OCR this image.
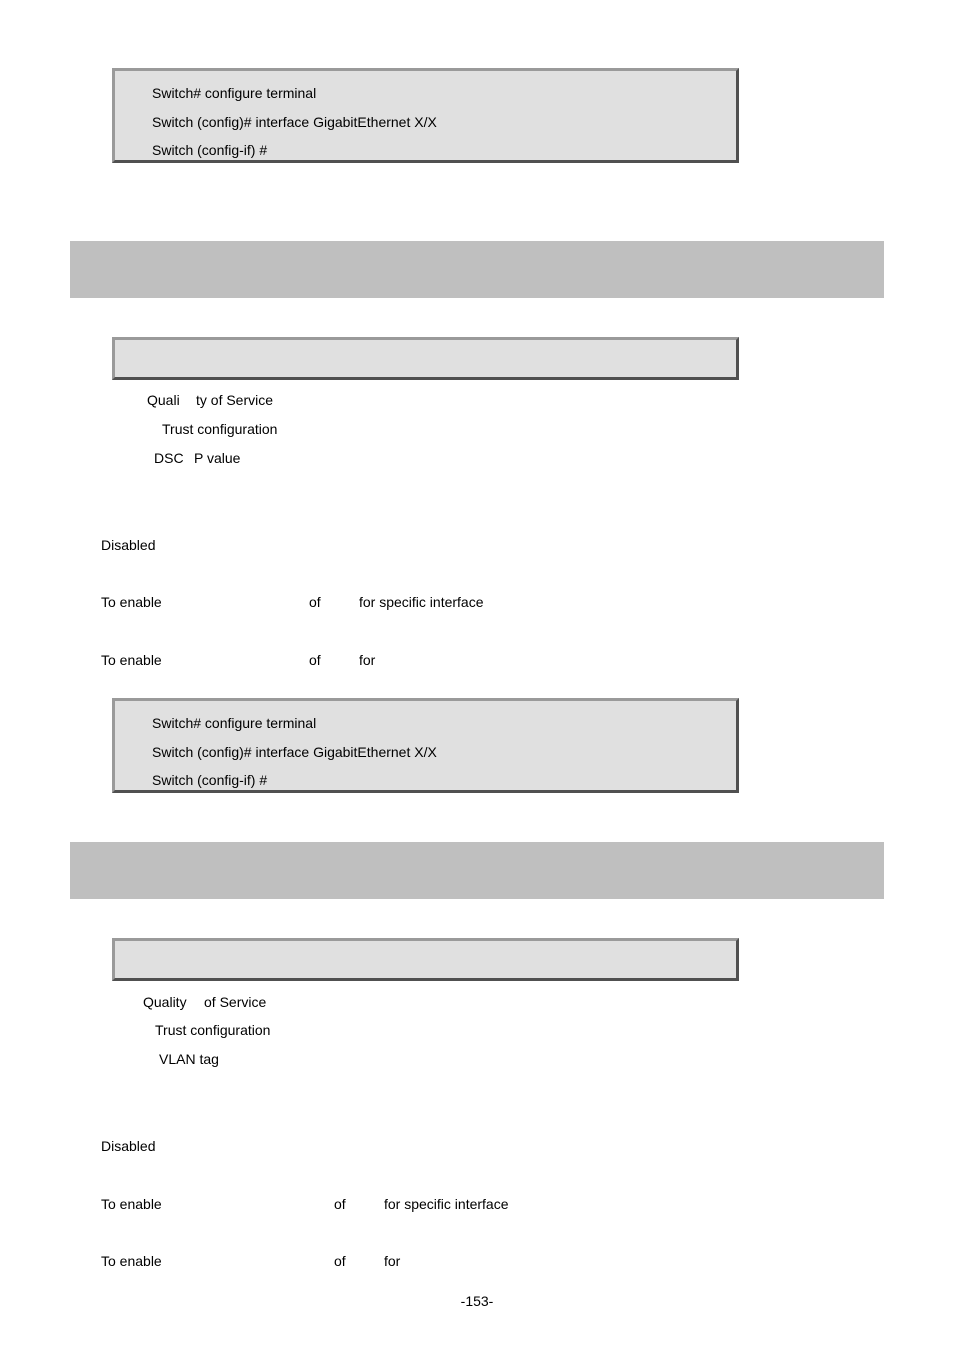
Switch# configure terminal
Switch (config)# interface GigabitEthernet X/X
Switch (config-if) #
Quali ty of Service
Trust configuration
DSC P value
Disabled
To enable	of	for specific interface
To enable	of	for
Switch# configure terminal
Switch (config)# interface GigabitEthernet X/X
Switch (config-if) #
Quality of Service
Trust configuration
VLAN tag
Disabled
To enable	of	for specific interface
To enable	of	for
-153-
